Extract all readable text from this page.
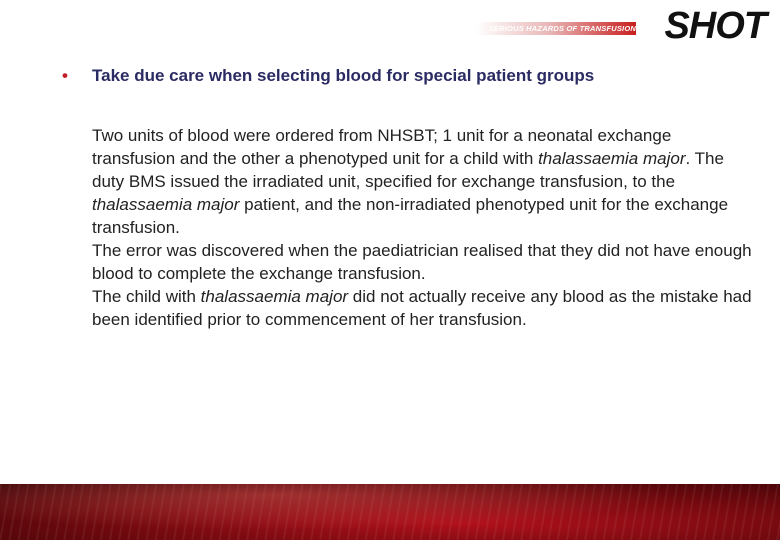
SERIOUS HAZARDS OF TRANSFUSION SHOT
•	Take due care when selecting blood for special patient groups

Two units of blood were ordered from NHSBT; 1 unit for a neonatal exchange transfusion and the other a phenotyped unit for a child with thalassaemia major. The duty BMS issued the irradiated unit, specified for exchange transfusion, to the thalassaemia major patient, and the non-irradiated phenotyped unit for the exchange transfusion.

The error was discovered when the paediatrician realised that they did not have enough blood to complete the exchange transfusion.

The child with thalassaemia major did not actually receive any blood as the mistake had been identified prior to commencement of her transfusion.
